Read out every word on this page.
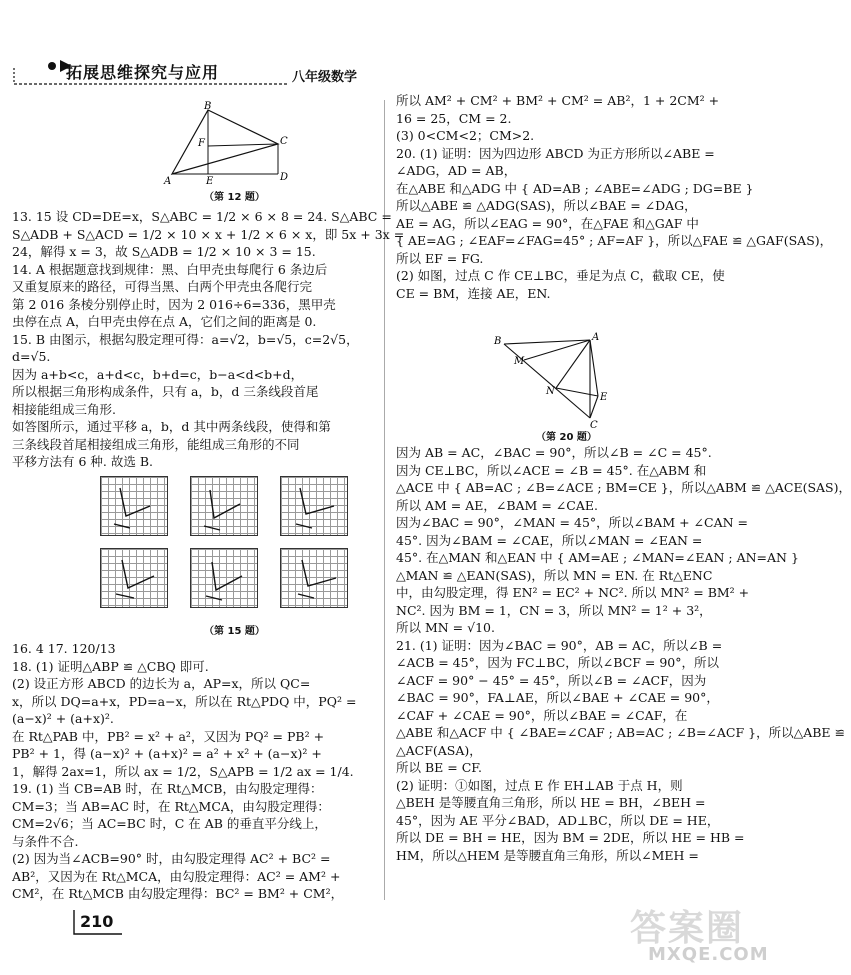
拓展思维探究与应用	八年级数学
B
A
C
D
E
F
（第 12 题）
13. 15 设 CD=DE=x，S△ABC = 1/2 × 6 × 8 = 24. S△ABC =
S△ADB + S△ACD = 1/2 × 10 × x + 1/2 × 6 × x，即 5x + 3x =
24，解得 x = 3，故 S△ADB = 1/2 × 10 × 3 = 15.
14. A 根据题意找到规律：黑、白甲壳虫每爬行 6 条边后
又重复原来的路径，可得当黑、白两个甲壳虫各爬行完
第 2 016 条棱分别停止时，因为 2 016÷6=336，黑甲壳
虫停在点 A，白甲壳虫停在点 A，它们之间的距离是 0.
15. B 由图示，根据勾股定理可得：a=√2，b=√5，c=2√5，
d=√5.
因为 a+b<c，a+d<c，b+d=c，b−a<d<b+d，
所以根据三角形构成条件，只有 a，b，d 三条线段首尾
相接能组成三角形.
如答图所示，通过平移 a，b，d 其中两条线段，使得和第
三条线段首尾相接组成三角形，能组成三角形的不同
平移方法有 6 种. 故选 B.
（第 15 题）
16. 4 17. 120/13
18. (1) 证明△ABP ≌ △CBQ 即可.
(2) 设正方形 ABCD 的边长为 a，AP=x，所以 QC=
x，所以 DQ=a+x，PD=a−x，所以在 Rt△PDQ 中，PQ² =
(a−x)² + (a+x)².
在 Rt△PAB 中，PB² = x² + a²，又因为 PQ² = PB² +
PB² + 1，得 (a−x)² + (a+x)² = a² + x² + (a−x)² +
1，解得 2ax=1，所以 ax = 1/2，S△APB = 1/2 ax = 1/4.
19. (1) 当 CB=AB 时，在 Rt△MCB，由勾股定理得：
CM=3；当 AB=AC 时，在 Rt△MCA，由勾股定理得：
CM=2√6；当 AC=BC 时，C 在 AB 的垂直平分线上，
与条件不合.
(2) 因为当∠ACB=90° 时，由勾股定理得 AC² + BC² =
AB²，又因为在 Rt△MCA，由勾股定理得：AC² = AM² +
CM²，在 Rt△MCB 由勾股定理得：BC² = BM² + CM²，
所以 AM² + CM² + BM² + CM² = AB²，1 + 2CM² +
16 = 25，CM = 2.
(3) 0<CM<2；CM>2.
20. (1) 证明：因为四边形 ABCD 为正方形所以∠ABE =
∠ADG，AD = AB，
在△ABE 和△ADG 中 { AD=AB ; ∠ABE=∠ADG ; DG=BE }
所以△ABE ≌ △ADG(SAS)，所以∠BAE = ∠DAG，
AE = AG，所以∠EAG = 90°，在△FAE 和△GAF 中
{ AE=AG ; ∠EAF=∠FAG=45° ; AF=AF }，所以△FAE ≌ △GAF(SAS)，
所以 EF = FG.
(2) 如图，过点 C 作 CE⊥BC，垂足为点 C，截取 CE，使
CE = BM，连接 AE，EN.
A
B
C
E
M
N
（第 20 题）
因为 AB = AC，∠BAC = 90°，所以∠B = ∠C = 45°.
因为 CE⊥BC，所以∠ACE = ∠B = 45°. 在△ABM 和
△ACE 中 { AB=AC ; ∠B=∠ACE ; BM=CE }，所以△ABM ≌ △ACE(SAS)，
所以 AM = AE，∠BAM = ∠CAE.
因为∠BAC = 90°，∠MAN = 45°，所以∠BAM + ∠CAN =
45°. 因为∠BAM = ∠CAE，所以∠MAN = ∠EAN =
45°. 在△MAN 和△EAN 中 { AM=AE ; ∠MAN=∠EAN ; AN=AN }
△MAN ≌ △EAN(SAS)，所以 MN = EN. 在 Rt△ENC
中，由勾股定理，得 EN² = EC² + NC². 所以 MN² = BM² +
NC². 因为 BM = 1，CN = 3，所以 MN² = 1² + 3²，
所以 MN = √10.
21. (1) 证明：因为∠BAC = 90°，AB = AC，所以∠B =
∠ACB = 45°，因为 FC⊥BC，所以∠BCF = 90°，所以
∠ACF = 90° − 45° = 45°，所以∠B = ∠ACF，因为
∠BAC = 90°，FA⊥AE，所以∠BAE + ∠CAE = 90°，
∠CAF + ∠CAE = 90°，所以∠BAE = ∠CAF，在
△ABE 和△ACF 中 { ∠BAE=∠CAF ; AB=AC ; ∠B=∠ACF }，所以△ABE ≌
△ACF(ASA)，
所以 BE = CF.
(2) 证明：①如图，过点 E 作 EH⊥AB 于点 H，则
△BEH 是等腰直角三角形，所以 HE = BH，∠BEH =
45°，因为 AE 平分∠BAD，AD⊥BC，所以 DE = HE，
所以 DE = BH = HE，因为 BM = 2DE，所以 HE = HB =
HM，所以△HEM 是等腰直角三角形，所以∠MEH =
210	答案圈
MXQE.COM
